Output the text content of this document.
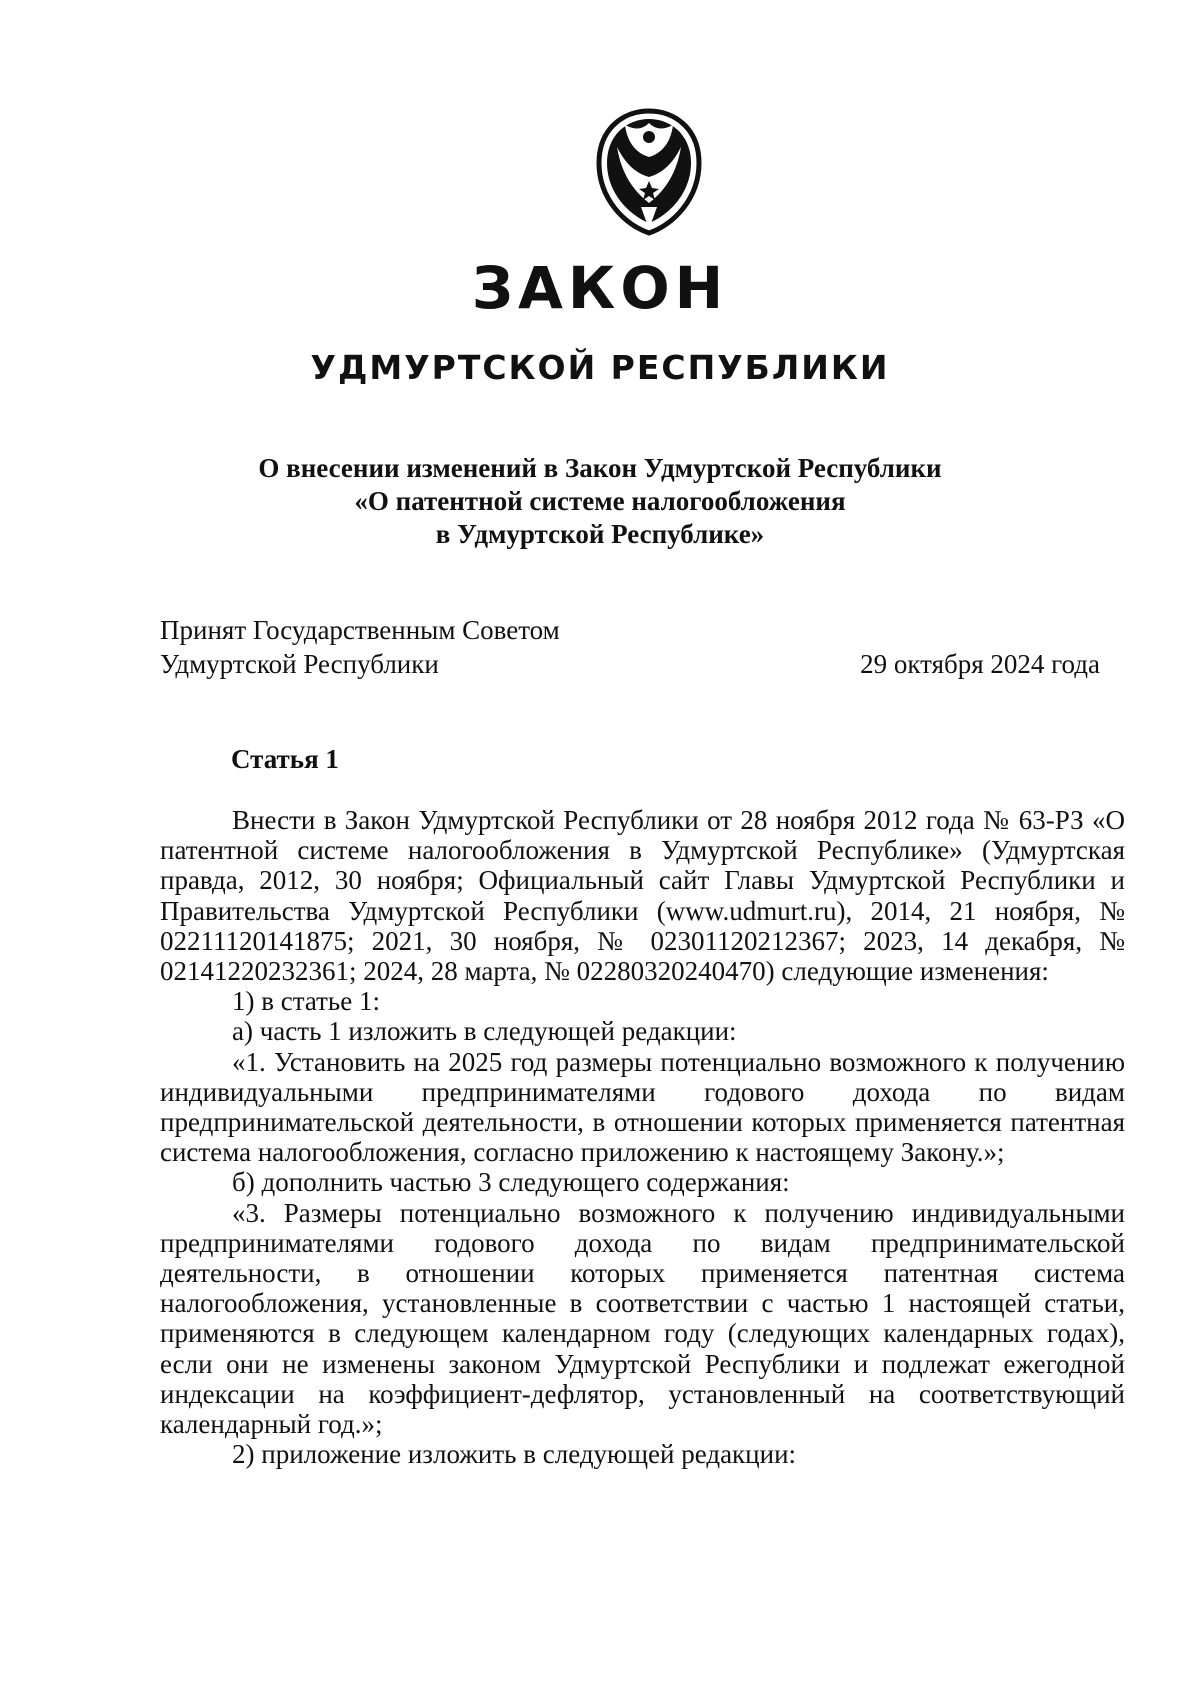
ЗАКОН
УДМУРТСКОЙ РЕСПУБЛИКИ
О внесении изменений в Закон Удмуртской Республики
«О патентной системе налогообложения
в Удмуртской Республике»
Принят Государственным Советом
Удмуртской Республики	29 октября 2024 года
Статья 1

Внести в Закон Удмуртской Республики от 28 ноября 2012 года № 63-РЗ «О патентной системе налогообложения в Удмуртской Республике» (Удмуртская правда, 2012, 30 ноября; Официальный сайт Главы Удмуртской Республики и Правительства Удмуртской Республики (www.udmurt.ru), 2014, 21 ноября, № 02211120141875; 2021, 30 ноября, № 02301120212367; 2023, 14 декабря, № 02141220232361; 2024, 28 марта, № 02280320240470) следующие изменения:

1) в статье 1:

а) часть 1 изложить в следующей редакции:

«1. Установить на 2025 год размеры потенциально возможного к получению индивидуальными предпринимателями годового дохода по видам предпринимательской деятельности, в отношении которых применяется патентная система налогообложения, согласно приложению к настоящему Закону.»;

б) дополнить частью 3 следующего содержания:

«3. Размеры потенциально возможного к получению индивидуальными предпринимателями годового дохода по видам предпринимательской деятельности, в отношении которых применяется патентная система налогообложения, установленные в соответствии с частью 1 настоящей статьи, применяются в следующем календарном году (следующих календарных годах), если они не изменены законом Удмуртской Республики и подлежат ежегодной индексации на коэффициент-дефлятор, установленный на соответствующий календарный год.»;

2) приложение изложить в следующей редакции:
